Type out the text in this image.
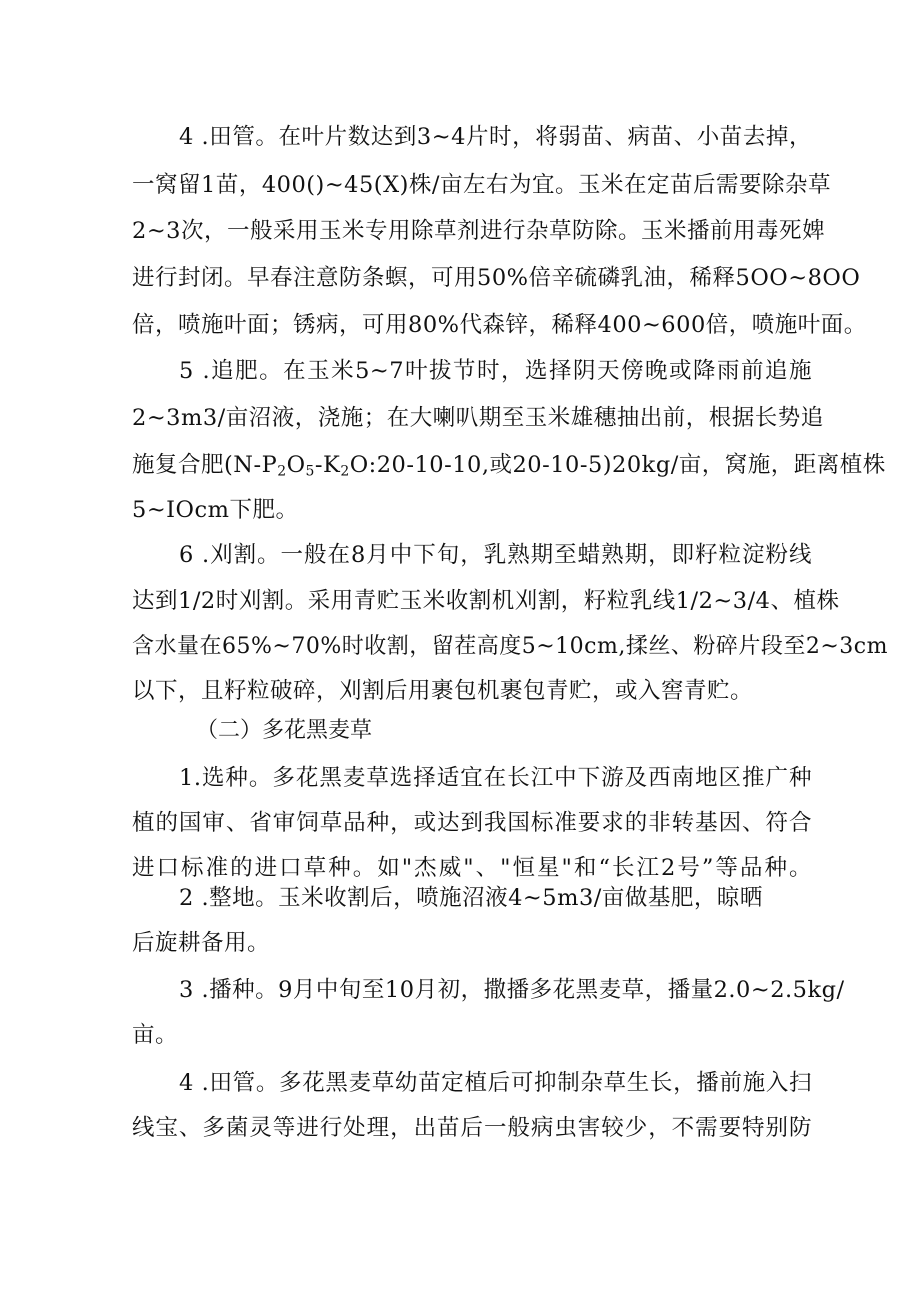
4 .田管。在叶片数达到3~4片时，将弱苗、病苗、小苗去掉，
一窝留1苗，400()~45(X)株/亩左右为宜。玉米在定苗后需要除杂草
2~3次，一般采用玉米专用除草剂进行杂草防除。玉米播前用毒死婢
进行封闭。早春注意防条螟，可用50%倍辛硫磷乳油，稀释5OO~8OO
倍，喷施叶面；锈病，可用80%代森锌，稀释400~600倍，喷施叶面。
5 .追肥。在玉米5~7叶拔节时，选择阴天傍晚或降雨前追施
2~3m3/亩沼液，浇施；在大喇叭期至玉米雄穗抽出前，根据长势追
施复合肥($N-P_2O_5-K_2O:20-10-10$,或20-10-5)20kg/亩，窝施，距离植株
5~IOcm下肥。
6 .刈割。一般在8月中下旬，乳熟期至蜡熟期，即籽粒淀粉线
达到1/2时刈割。采用青贮玉米收割机刈割，籽粒乳线1/2~3/4、植株
含水量在65%~70%时收割，留茬高度5~10cm,揉丝、粉碎片段至2~3cm
以下，且籽粒破碎，刈割后用裹包机裹包青贮，或入窖青贮。
（二）多花黑麦草
1.选种。多花黑麦草选择适宜在长江中下游及西南地区推广种
植的国审、省审饲草品种，或达到我国标准要求的非转基因、符合
进口标准的进口草种。如"杰威"、"恒星"和“长江2号”等品种。
2 .整地。玉米收割后，喷施沼液4~5m3/亩做基肥，晾晒
后旋耕备用。
3 .播种。9月中旬至10月初，撒播多花黑麦草，播量2.0~2.5kg/
亩。
4 .田管。多花黑麦草幼苗定植后可抑制杂草生长，播前施入扫
线宝、多菌灵等进行处理，出苗后一般病虫害较少，不需要特别防
